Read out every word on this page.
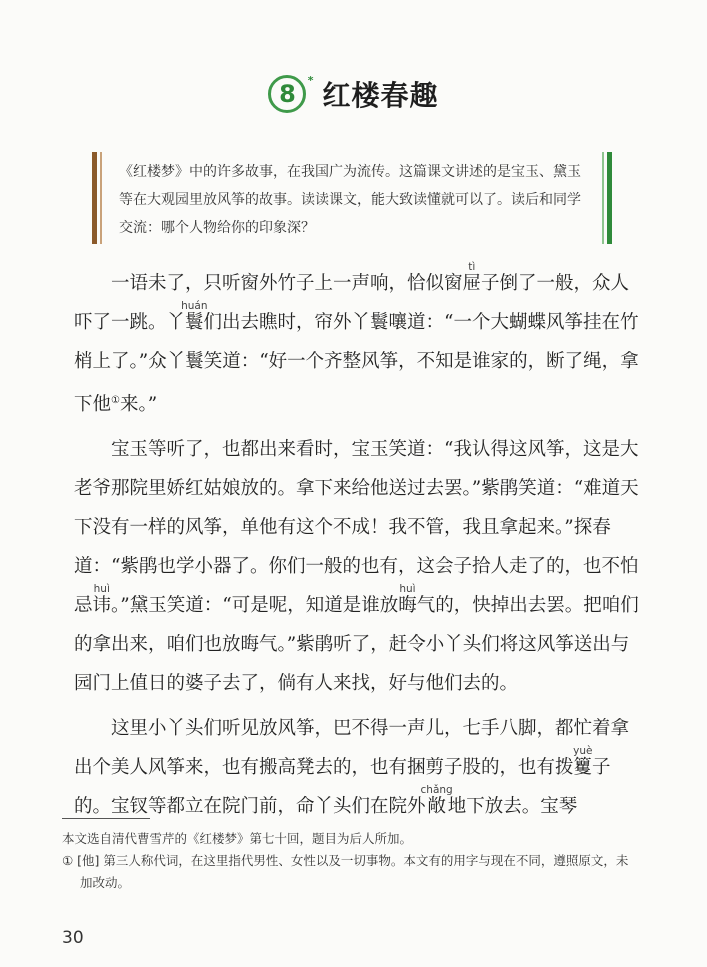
8 * 红楼春趣
《红楼梦》中的许多故事，在我国广为流传。这篇课文讲述的是宝玉、黛玉等在大观园里放风筝的故事。读读课文，能大致读懂就可以了。读后和同学交流：哪个人物给你的印象深？

一语未了，只听窗外竹子上一声响，恰似窗屉tì子倒了一般，众人吓了一跳。丫鬟huán们出去瞧时，帘外丫鬟嚷道：“一个大蝴蝶风筝挂在竹梢上了。”众丫鬟笑道：“好一个齐整风筝，不知是谁家的，断了绳，拿下他①来。”

宝玉等听了，也都出来看时，宝玉笑道：“我认得这风筝，这是大老爷那院里娇红姑娘放的。拿下来给他送过去罢。”紫鹃笑道：“难道天下没有一样的风筝，单他有这个不成！我不管，我且拿起来。”探春道：“紫鹃也学小器了。你们一般的也有，这会子拾人走了的，也不怕忌讳huì。”黛玉笑道：“可是呢，知道是谁放晦huì气的，快掉出去罢。把咱们的拿出来，咱们也放晦气。”紫鹃听了，赶令小丫头们将这风筝送出与园门上值日的婆子去了，倘有人来找，好与他们去的。

这里小丫头们听见放风筝，巴不得一声儿，七手八脚，都忙着拿出个美人风筝来，也有搬高凳去的，也有捆剪子股的，也有拨籰yuè子的。宝钗等都立在院门前，命丫头们在院外敞chǎng地下放去。宝琴

本文选自清代曹雪芹的《红楼梦》第七十回，题目为后人所加。
① [他] 第三人称代词，在这里指代男性、女性以及一切事物。本文有的用字与现在不同，遵照原文，未加改动。
30
